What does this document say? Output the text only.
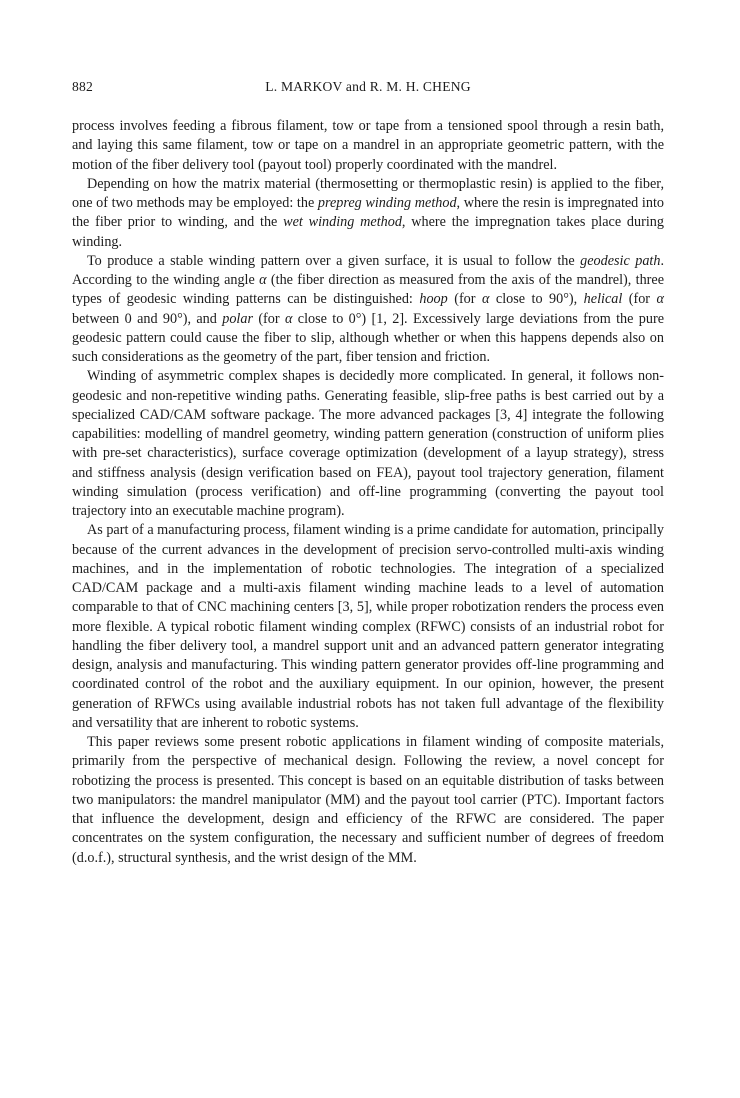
882	L. MARKOV and R. M. H. CHENG

process involves feeding a fibrous filament, tow or tape from a tensioned spool through a resin bath, and laying this same filament, tow or tape on a mandrel in an appropriate geometric pattern, with the motion of the fiber delivery tool (payout tool) properly coordinated with the mandrel.

Depending on how the matrix material (thermosetting or thermoplastic resin) is applied to the fiber, one of two methods may be employed: the prepreg winding method, where the resin is impregnated into the fiber prior to winding, and the wet winding method, where the impregnation takes place during winding.

To produce a stable winding pattern over a given surface, it is usual to follow the geodesic path. According to the winding angle α (the fiber direction as measured from the axis of the mandrel), three types of geodesic winding patterns can be distinguished: hoop (for α close to 90°), helical (for α between 0 and 90°), and polar (for α close to 0°) [1, 2]. Excessively large deviations from the pure geodesic pattern could cause the fiber to slip, although whether or when this happens depends also on such considerations as the geometry of the part, fiber tension and friction.

Winding of asymmetric complex shapes is decidedly more complicated. In general, it follows non-geodesic and non-repetitive winding paths. Generating feasible, slip-free paths is best carried out by a specialized CAD/CAM software package. The more advanced packages [3, 4] integrate the following capabilities: modelling of mandrel geometry, winding pattern generation (construction of uniform plies with pre-set characteristics), surface coverage optimization (development of a layup strategy), stress and stiffness analysis (design verification based on FEA), payout tool trajectory generation, filament winding simulation (process verification) and off-line programming (converting the payout tool trajectory into an executable machine program).

As part of a manufacturing process, filament winding is a prime candidate for automation, principally because of the current advances in the development of precision servo-controlled multi-axis winding machines, and in the implementation of robotic technologies. The integration of a specialized CAD/CAM package and a multi-axis filament winding machine leads to a level of automation comparable to that of CNC machining centers [3, 5], while proper robotization renders the process even more flexible. A typical robotic filament winding complex (RFWC) consists of an industrial robot for handling the fiber delivery tool, a mandrel support unit and an advanced pattern generator integrating design, analysis and manufacturing. This winding pattern generator provides off-line programming and coordinated control of the robot and the auxiliary equipment. In our opinion, however, the present generation of RFWCs using available industrial robots has not taken full advantage of the flexibility and versatility that are inherent to robotic systems.

This paper reviews some present robotic applications in filament winding of composite materials, primarily from the perspective of mechanical design. Following the review, a novel concept for robotizing the process is presented. This concept is based on an equitable distribution of tasks between two manipulators: the mandrel manipulator (MM) and the payout tool carrier (PTC). Important factors that influence the development, design and efficiency of the RFWC are considered. The paper concentrates on the system configuration, the necessary and sufficient number of degrees of freedom (d.o.f.), structural synthesis, and the wrist design of the MM.
